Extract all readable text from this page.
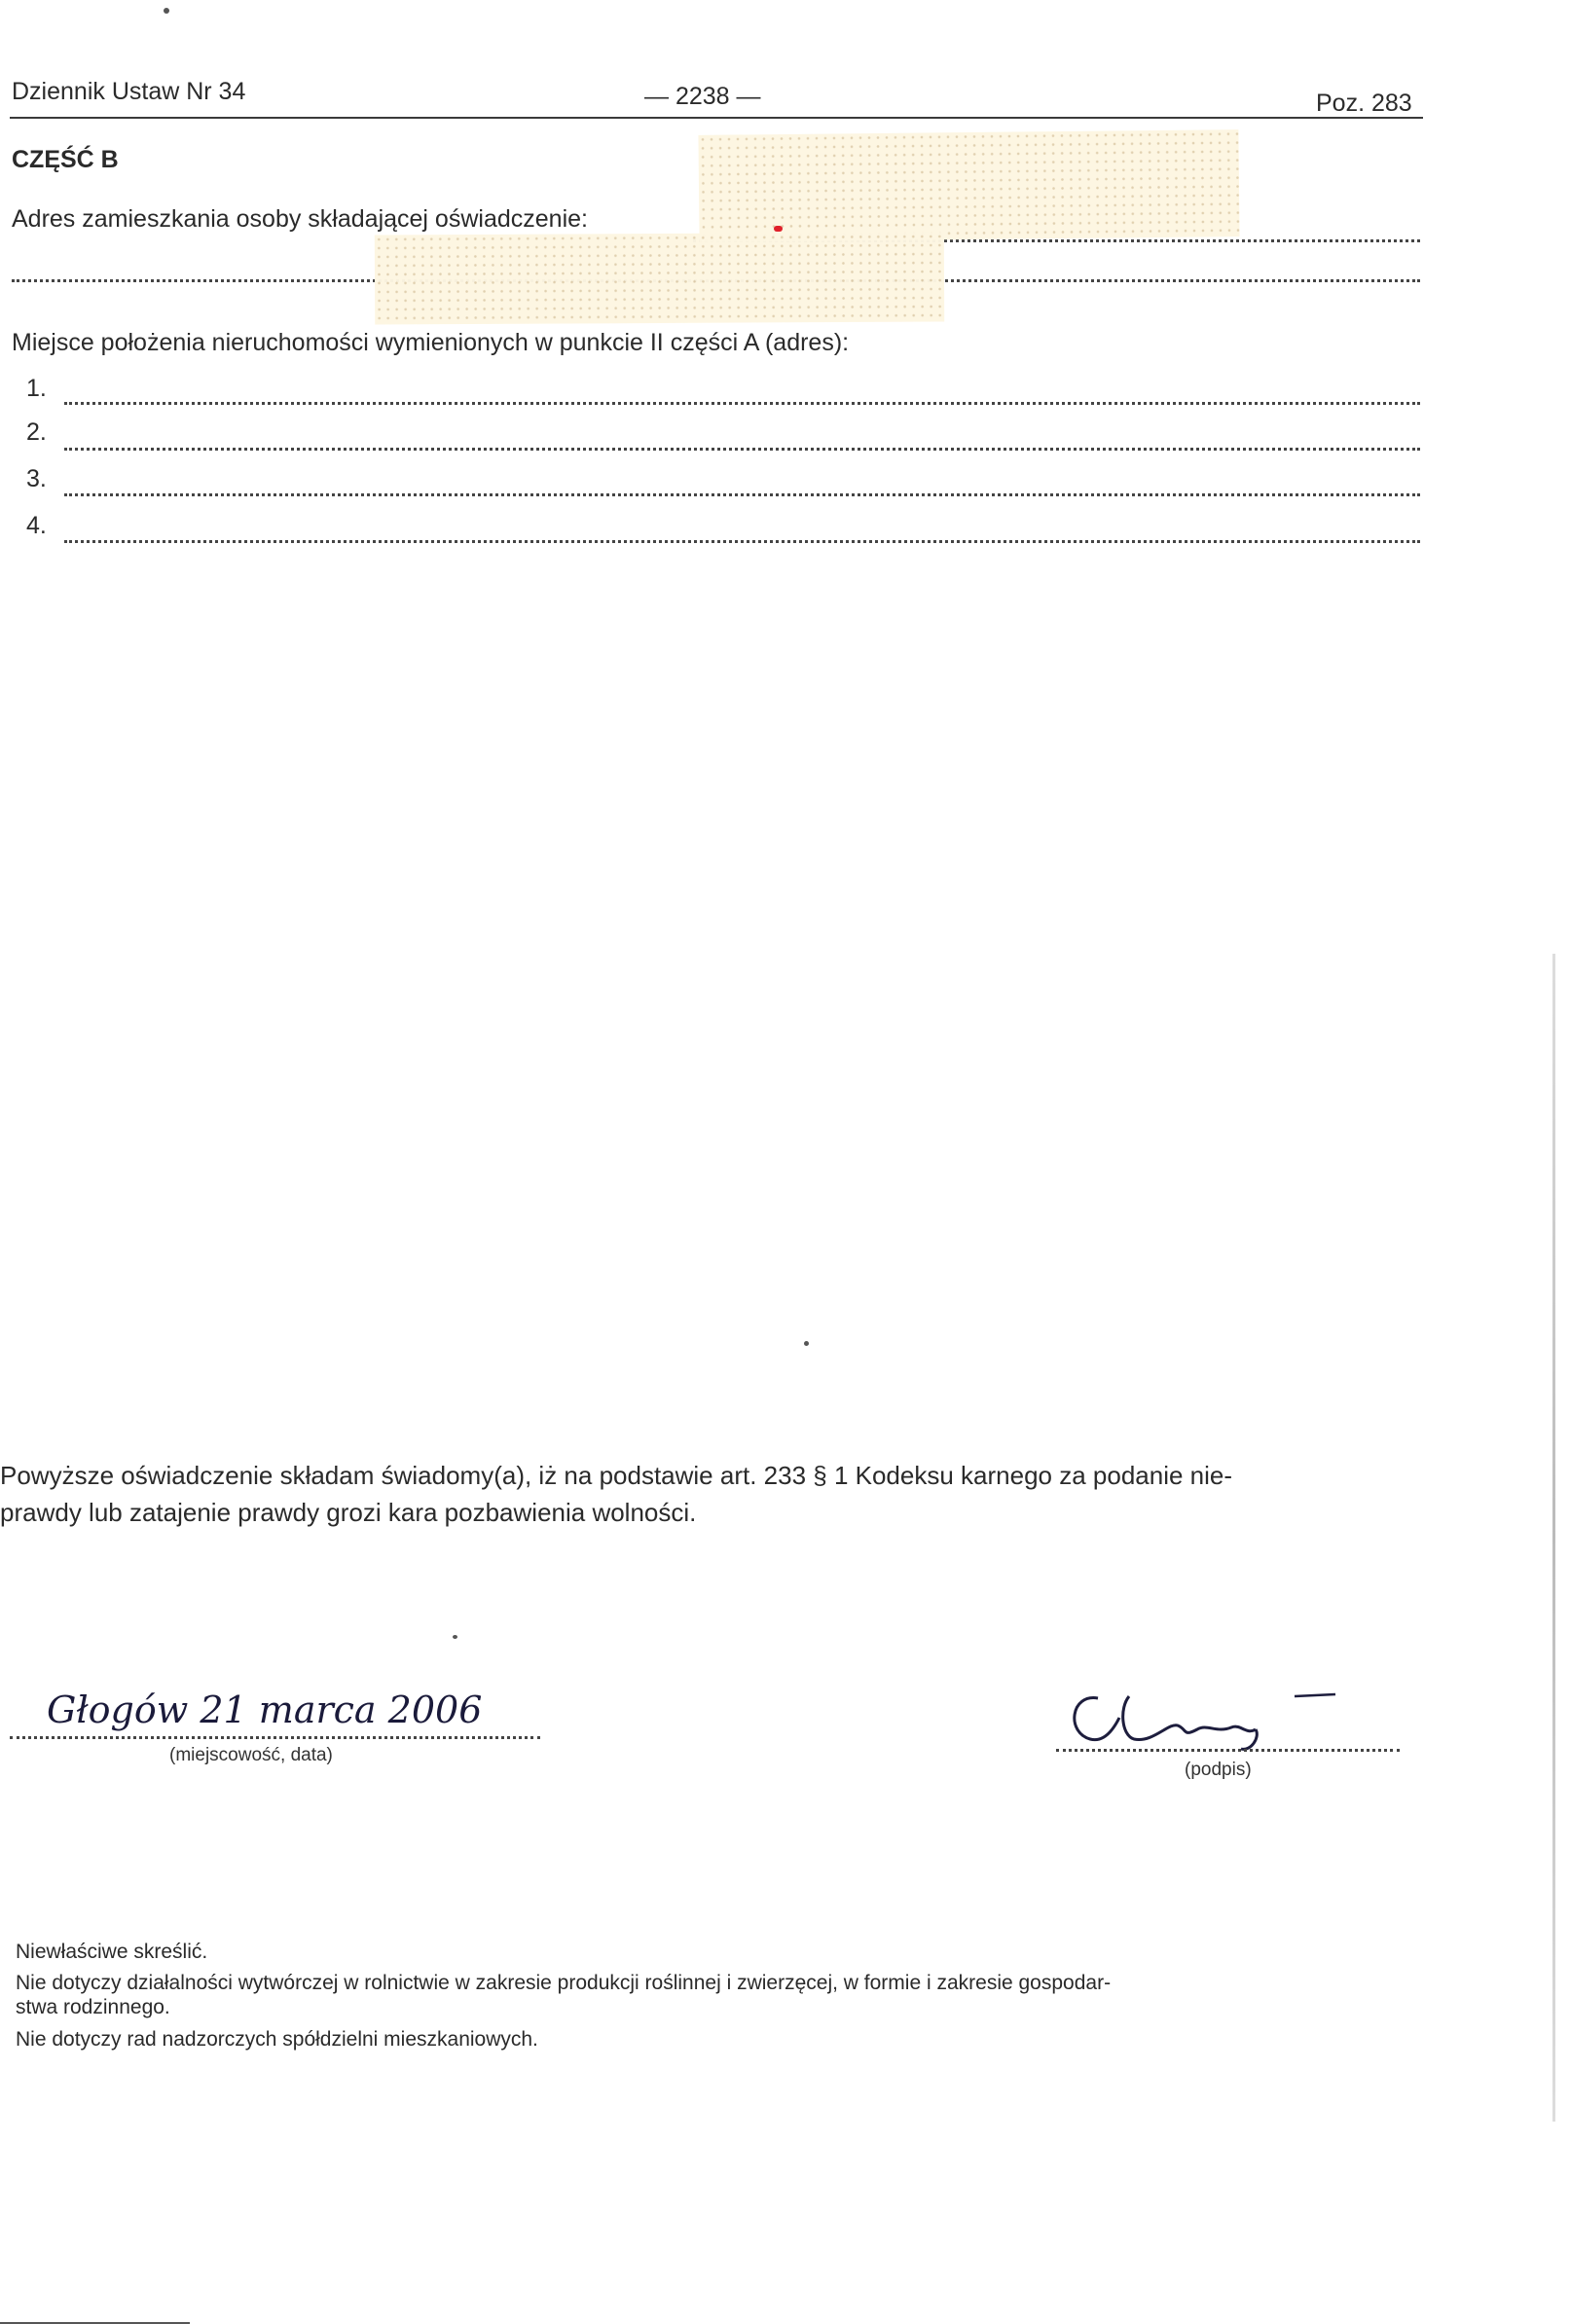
Dziennik Ustaw Nr 34	— 2238 —	Poz. 283
CZĘŚĆ B
Adres zamieszkania osoby składającej oświadczenie:
Miejsce położenia nieruchomości wymienionych w punkcie II części A (adres):
1.
2.
3.
4.
Powyższe oświadczenie składam świadomy(a), iż na podstawie art. 233 § 1 Kodeksu karnego za podanie nie-
prawdy lub zatajenie prawdy grozi kara pozbawienia wolności.
Głogów 21 marca 2006
(miejscowość, data)
(podpis)
Niewłaściwe skreślić.
Nie dotyczy działalności wytwórczej w rolnictwie w zakresie produkcji roślinnej i zwierzęcej, w formie i zakresie gospodar-
stwa rodzinnego.
Nie dotyczy rad nadzorczych spółdzielni mieszkaniowych.
